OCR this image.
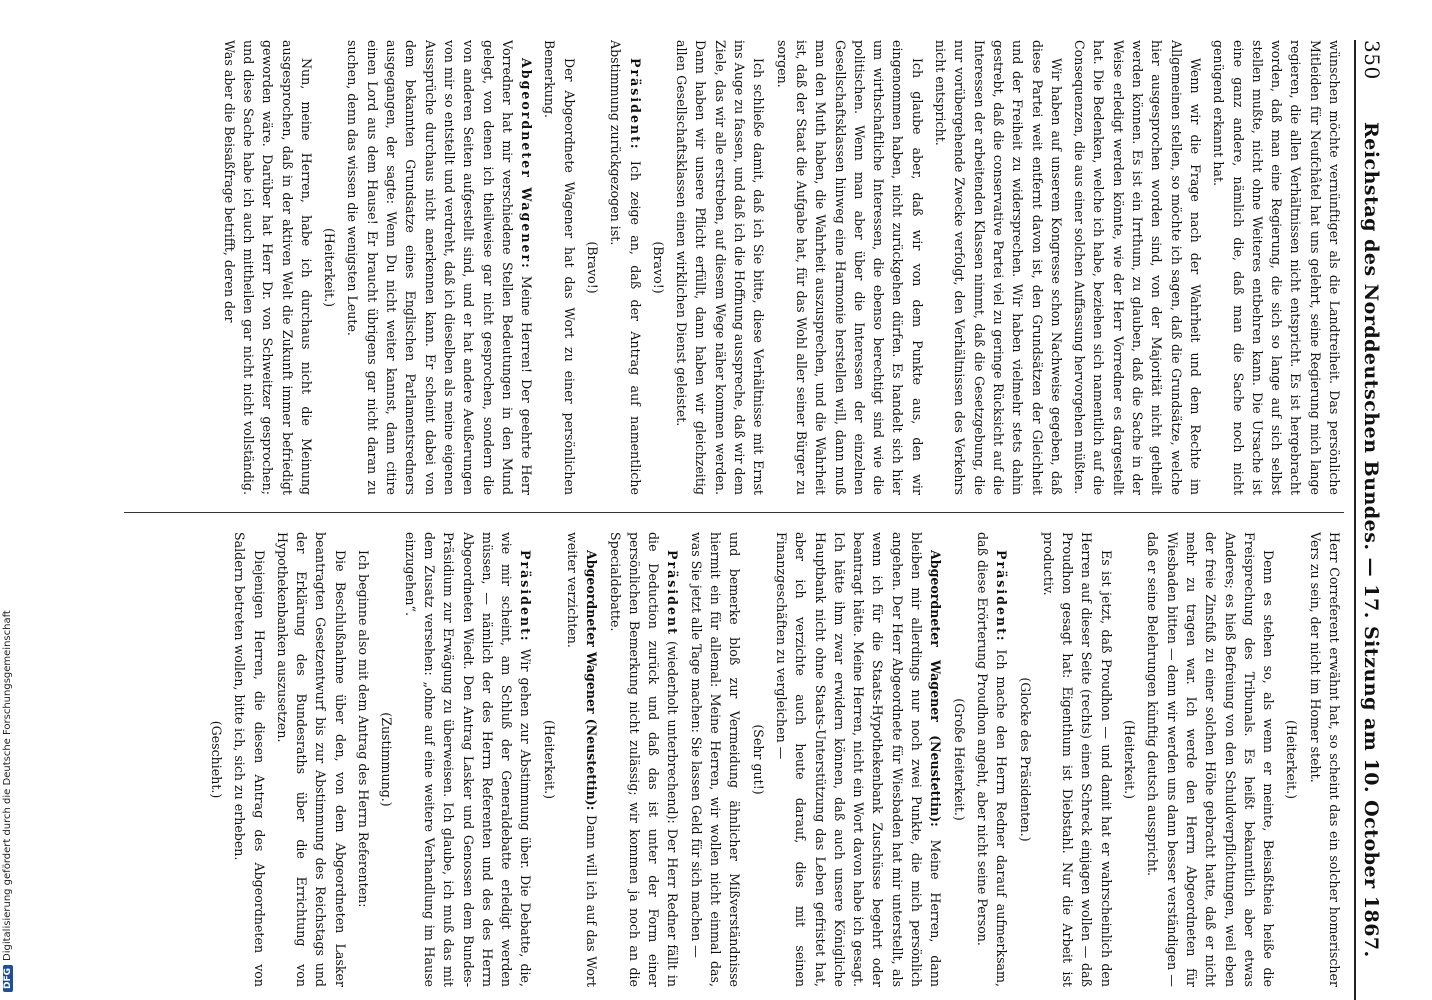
350
Reichstag des Norddeutschen Bundes. — 17. Sitzung am 10. October 1867.

wünschen möchte vernünftiger als die Landtreiheit. Das persönliche Mitleiden für Neufchâtel hat uns gelehrt, seine Regierung mich lange regieren, die allen Verhältnissen nicht entspricht. Es ist hergebracht worden, daß man eine Regierung, die sich so lange auf sich selbst stellen mußte, nicht ohne Weiteres entbehren kann. Die Ursache ist eine ganz andere, nämlich die, daß man die Sache noch nicht genügend erkannt hat.

Wenn wir die Frage nach der Wahrheit und dem Rechte im Allgemeinen stellen, so möchte ich sagen, daß die Grundsätze, welche hier ausgesprochen worden sind, von der Majorität nicht getheilt werden können. Es ist ein Irrthum, zu glauben, daß die Sache in der Weise erledigt werden könnte, wie der Herr Vorredner es dargestellt hat. Die Bedenken, welche ich habe, beziehen sich namentlich auf die Consequenzen, die aus einer solchen Auffassung hervorgehen müßten.

Wir haben auf unserem Kongresse schon Nachweise gegeben, daß diese Partei weit entfernt davon ist, den Grundsätzen der Gleichheit und der Freiheit zu widersprechen. Wir haben vielmehr stets dahin gestrebt, daß die conservative Partei viel zu geringe Rücksicht auf die Interessen der arbeitenden Klassen nimmt, daß die Gesetzgebung, die nur vorübergehende Zwecke verfolgt, den Verhältnissen des Verkehrs nicht entspricht.

Ich glaube aber, daß wir von dem Punkte aus, den wir eingenommen haben, nicht zurückgehen dürfen. Es handelt sich hier um wirthschaftliche Interessen, die ebenso berechtigt sind wie die politischen. Wenn man aber über die Interessen der einzelnen Gesellschaftsklassen hinweg eine Harmonie herstellen will, dann muß man den Muth haben, die Wahrheit auszusprechen, und die Wahrheit ist, daß der Staat die Aufgabe hat, für das Wohl aller seiner Bürger zu sorgen.

Ich schließe damit, daß ich Sie bitte, diese Verhältnisse mit Ernst ins Auge zu fassen, und daß ich die Hoffnung ausspreche, daß wir dem Ziele, das wir alle erstreben, auf diesem Wege näher kommen werden. Dann haben wir unsere Pflicht erfüllt, dann haben wir gleichzeitig allen Gesellschaftsklassen einen wirklichen Dienst geleistet.

(Bravo!)

Präsident: Ich zeige an, daß der Antrag auf namentliche Abstimmung zurückgezogen ist.

(Bravo!)

Der Abgeordnete Wagener hat das Wort zu einer persönlichen Bemerkung.

Abgeordneter Wagener: Meine Herren! Der geehrte Herr Vorredner hat mir verschiedene Stellen Bedeutungen in den Mund gelegt, von denen ich theilweise gar nicht gesprochen, sondern die von anderen Seiten aufgestellt sind, und er hat andere Aeußerungen von mir so entstellt und verdreht, daß ich dieselben als meine eigenen Aussprüche durchaus nicht anerkennen kann. Er scheint dabei von dem bekannten Grundsatze eines Englischen Parlamentsredners ausgegangen, der sagte: Wenn Du nicht weiter kannst, dann citire einen Lord aus dem Hause! Er braucht übrigens gar nicht daran zu suchen, denn das wissen die wenigsten Leute.

(Heiterkeit.)

Nun, meine Herren, habe ich durchaus nicht die Meinung ausgesprochen, daß in der aktiven Welt die Zukunft immer befriedigt geworden wäre. Darüber hat Herr Dr. von Schweitzer gesprochen; und diese Sache habe ich auch mittheilen gar nicht nicht vollständig. Was aber die Beisaßfrage betrifft, deren der

Herr Correferent erwähnt hat, so scheint das ein solcher homerischer Vers zu sein, der nicht im Homer steht.

(Heiterkeit.)

Denn es stehen so, als wenn er meinte, Beisaßtheia heiße die Freisprechung des Tribunals. Es heißt bekanntlich aber etwas Anderes; es hieß Befreiung von den Schuldverpflichtungen, weil eben der freie Zinsfuß zu einer solchen Höhe gebracht hatte, daß er nicht mehr zu tragen war. Ich werde den Herrn Abgeordneten für Wiesbaden bitten — denn wir werden uns dann besser verständigen — daß er seine Belehrungen künftig deutsch ausspricht.

(Heiterkeit.)

Es ist jetzt, daß Proudhon — und damit hat er wahrscheinlich den Herren auf dieser Seite (rechts) einen Schreck einjagen wollen — daß Proudhon gesagt hat: Eigenthum ist Diebstahl. Nur die Arbeit ist productiv.

(Glocke des Präsidenten.)

Präsident: Ich mache den Herrn Redner darauf aufmerksam, daß diese Erörterung Proudhon angeht, aber nicht seine Person.

(Große Heiterkeit.)

Abgeordneter Wagener (Neustettin): Meine Herren, dann bleiben mir allerdings nur noch zwei Punkte, die mich persönlich angehen. Der Herr Abgeordnete für Wiesbaden hat mir unterstellt, als wenn ich für die Staats-Hypothekenbank Zuschüsse begehrt oder beantragt hätte. Meine Herren, nicht ein Wort davon habe ich gesagt. Ich hätte ihm zwar erwidern können, daß auch unsere Königliche Hauptbank nicht ohne Staats-Unterstützung das Leben gefristet hat, aber ich verzichte auch heute darauf, dies mit seinen Finanzgeschäften zu vergleichen —

(Sehr gut!)

und bemerke bloß zur Vermeidung ähnlicher Mißverständnisse hiermit ein für allemal: Meine Herren, wir wollen nicht einmal das, was Sie jetzt alle Tage machen: Sie lassen Geld für sich machen —

Präsident (wiederholt unterbrechend): Der Herr Redner fällt in die Deduction zurück und daß das ist unter der Form einer persönlichen Bemerkung nicht zulässig; wir kommen ja noch an die Specialdebatte.

Abgeordneter Wagener (Neustettin): Dann will ich auf das Wort weiter verzichten.

(Heiterkeit.)

Präsident: Wir gehen zur Abstimmung über. Die Debatte, die, wie mir scheint, am Schluß der Generaldebatte erledigt werden müssen, — nämlich der des Herrn Referenten und des des Herrn Abgeordneten Wiedt. Den Antrag Lasker und Genossen dem Bundes-Präsidium zur Erwägung zu überweisen. Ich glaube, ich muß das mit dem Zusatz versehen: „ohne auf eine weitere Verhandlung im Hause einzugehen“.

(Zustimmung.)

Ich beginne also mit dem Antrag des Herrn Referenten:

Die Beschlußnahme über den, von dem Abgeordneten Lasker beantragten Gesetzentwurf bis zur Abstimmung des Reichstags und der Erklärung des Bundesraths über die Errichtung von Hypothekenbanken auszusetzen.

Diejenigen Herren, die diesen Antrag des Abgeordneten von Saldern betreten wollen, bitte ich, sich zu erheben.

(Geschieht.)

DFGDigitalisierung gefördert durch die Deutsche Forschungsgemeinschaft
